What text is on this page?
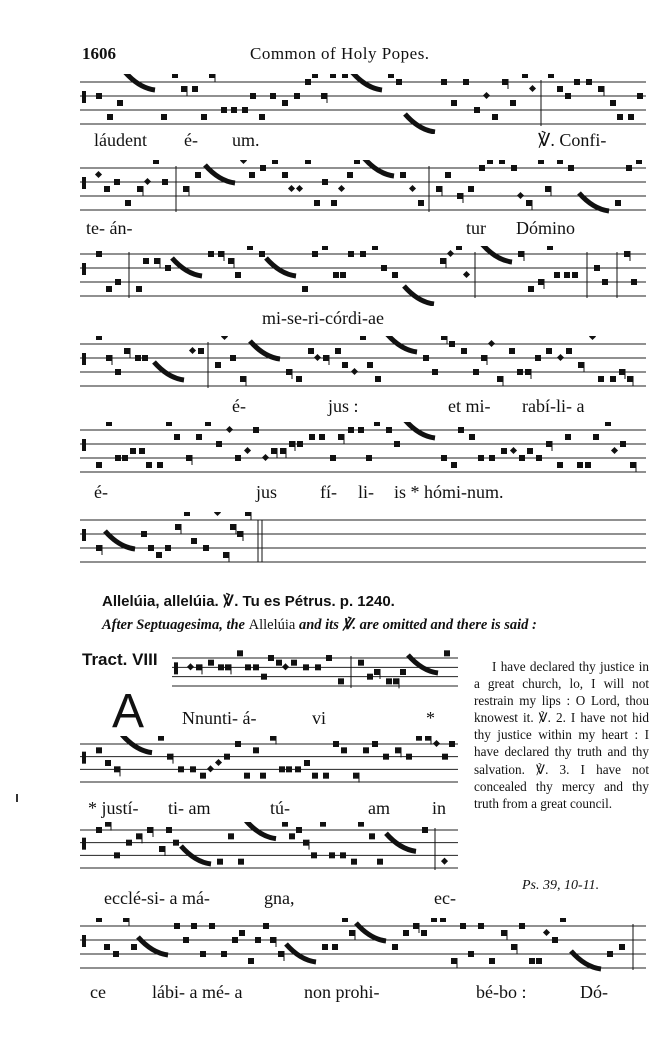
1606	Common of Holy Popes.
láudent é- um.	℣. Confi-
te- án-	tur Dómino
mi-se-ri-córdi-ae
é-	jus :	et mi- rabí-li- a
é-	jus fí- li- is * hómi-num.
Allelúia, allelúia. ℣. Tu es Pétrus. p. 1240.
After Septuagesima, the Allelúia and its ℣. are omitted and there is said :
Tract. VIII
A Nnunti- á-	vi	*
* justí- ti- am	tú-	am in
ecclé-si- a má-	gna,	ec-
I have declared thy justice in a great church, lo, I will not restrain my lips : O Lord, thou knowest it. ℣. 2. I have not hid thy justice within my heart : I have declared thy truth and thy salvation. ℣. 3. I have not concealed thy mercy and thy truth from a great council.
Ps. 39, 10-11.
ce	lábi- a mé- a	non prohi-	bé-bo :	Dó-
